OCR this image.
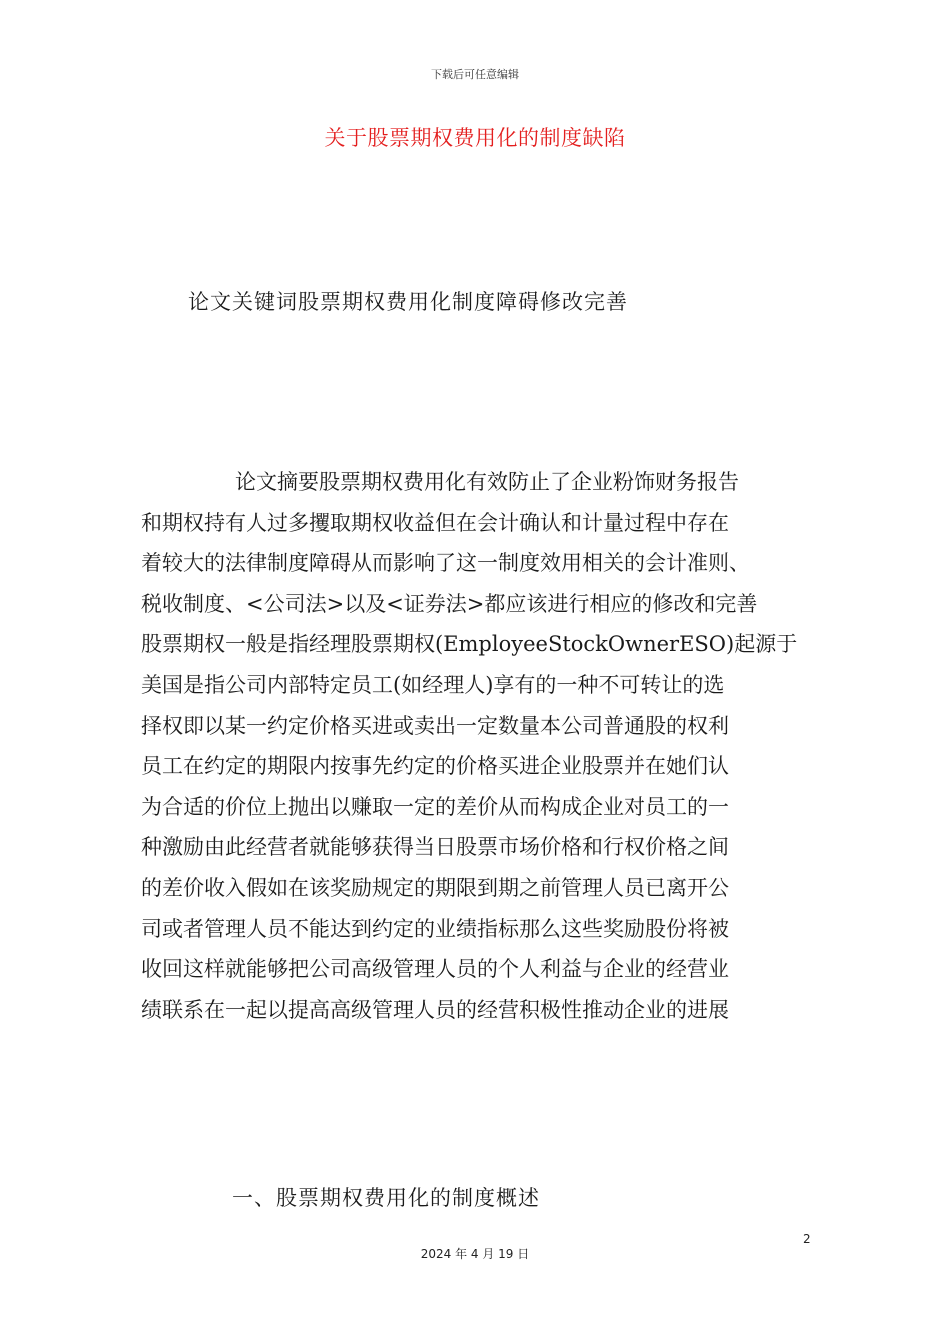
下载后可任意编辑
关于股票期权费用化的制度缺陷
论文关键词股票期权费用化制度障碍修改完善
论文摘要股票期权费用化有效防止了企业粉饰财务报告
和期权持有人过多攫取期权收益但在会计确认和计量过程中存在
着较大的法律制度障碍从而影响了这一制度效用相关的会计准则、
税收制度、<公司法>以及<证券法>都应该进行相应的修改和完善
股票期权一般是指经理股票期权(EmployeeStockOwnerESO)起源于
美国是指公司内部特定员工(如经理人)享有的一种不可转让的选
择权即以某一约定价格买进或卖出一定数量本公司普通股的权利
员工在约定的期限内按事先约定的价格买进企业股票并在她们认
为合适的价位上抛出以赚取一定的差价从而构成企业对员工的一
种激励由此经营者就能够获得当日股票市场价格和行权价格之间
的差价收入假如在该奖励规定的期限到期之前管理人员已离开公
司或者管理人员不能达到约定的业绩指标那么这些奖励股份将被
收回这样就能够把公司高级管理人员的个人利益与企业的经营业
绩联系在一起以提高高级管理人员的经营积极性推动企业的进展
一、股票期权费用化的制度概述
2
2024 年 4 月 19 日
